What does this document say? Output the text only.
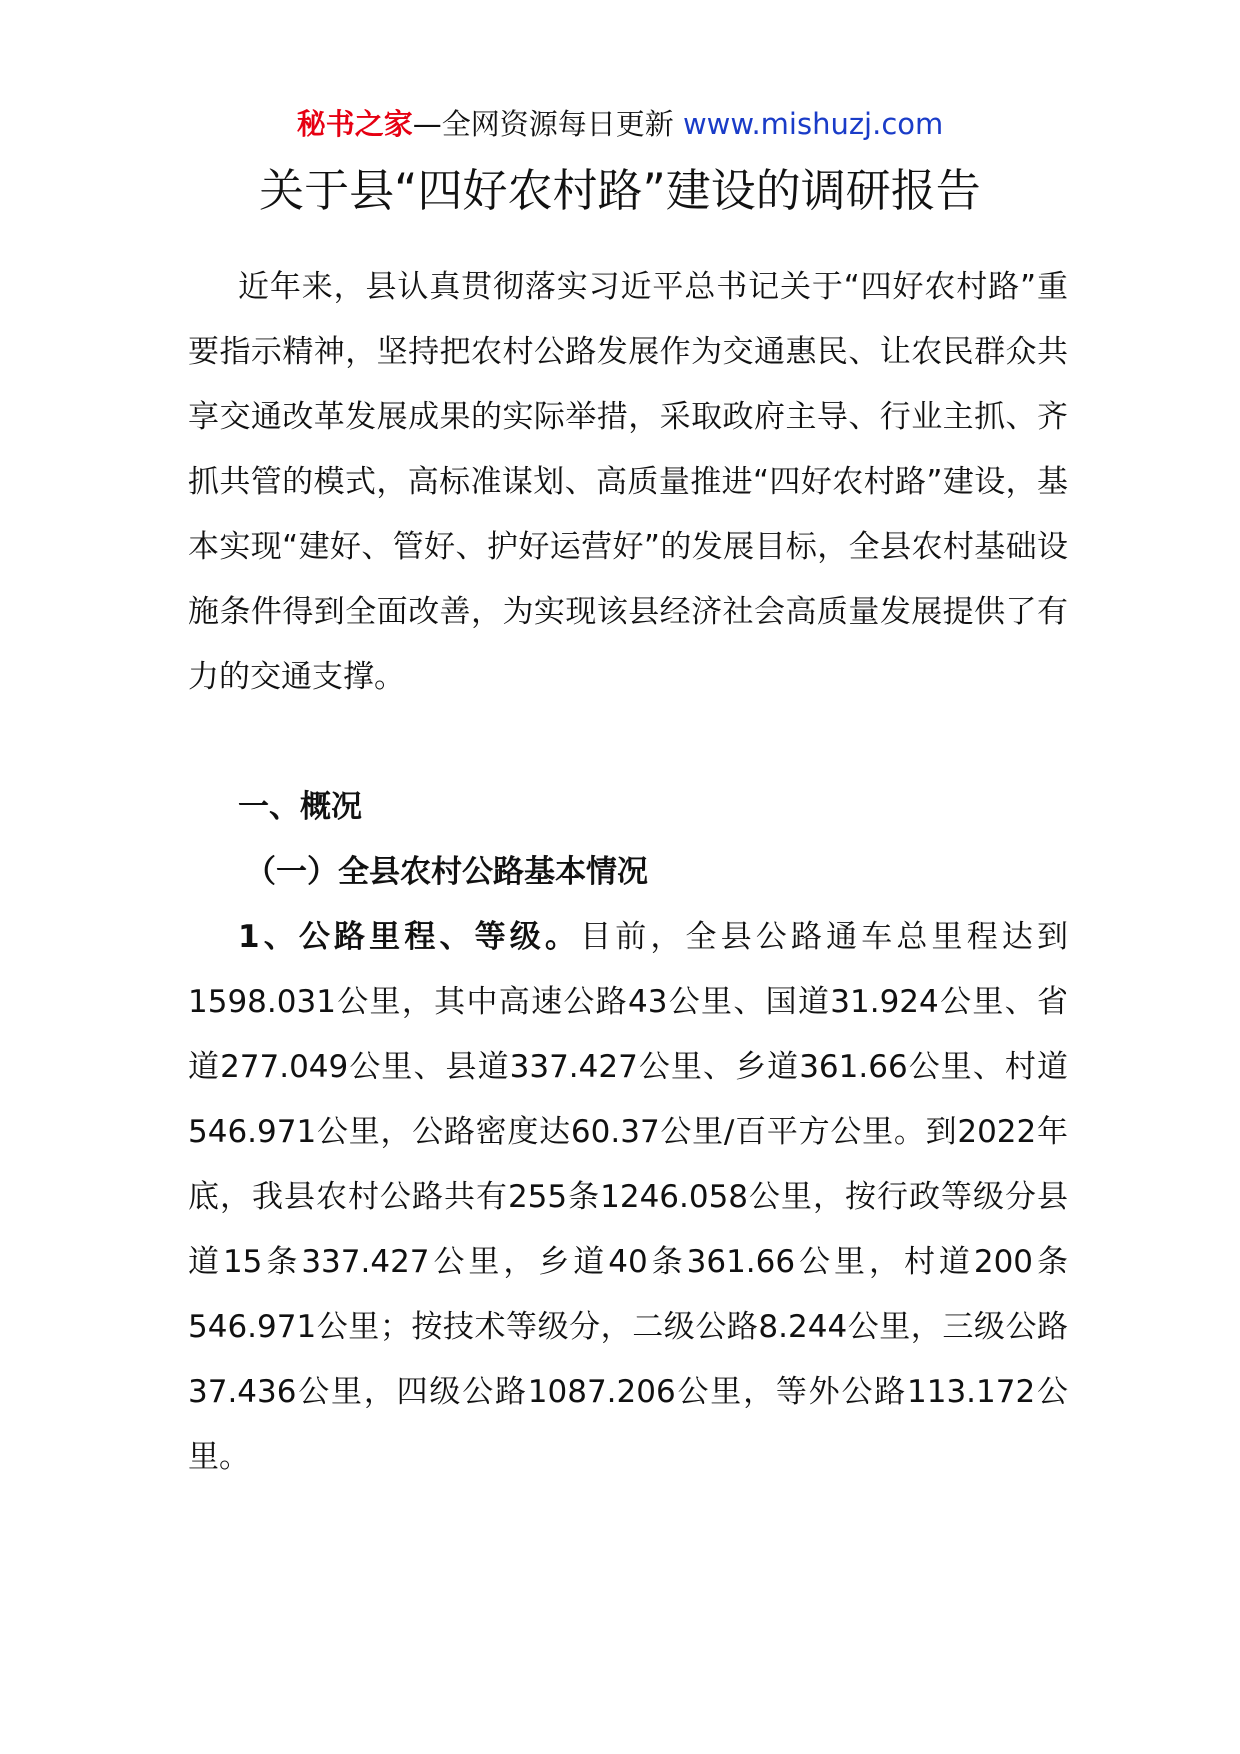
秘书之家—全网资源每日更新 www.mishuzj.com
关于县“四好农村路”建设的调研报告

近年来，县认真贯彻落实习近平总书记关于“四好农村路”重要指示精神，坚持把农村公路发展作为交通惠民、让农民群众共享交通改革发展成果的实际举措，采取政府主导、行业主抓、齐抓共管的模式，高标准谋划、高质量推进“四好农村路”建设，基本实现“建好、管好、护好运营好”的发展目标，全县农村基础设施条件得到全面改善，为实现该县经济社会高质量发展提供了有力的交通支撑。

一、概况
（一）全县农村公路基本情况

1、公路里程、等级。目前，全县公路通车总里程达到1598.031公里，其中高速公路43公里、国道31.924公里、省道277.049公里、县道337.427公里、乡道361.66公里、村道546.971公里，公路密度达60.37公里/百平方公里。到2022年底，我县农村公路共有255条1246.058公里，按行政等级分县道15条337.427公里，乡道40条361.66公里，村道200条546.971公里；按技术等级分，二级公路8.244公里，三级公路37.436公里，四级公路1087.206公里，等外公路113.172公里。
